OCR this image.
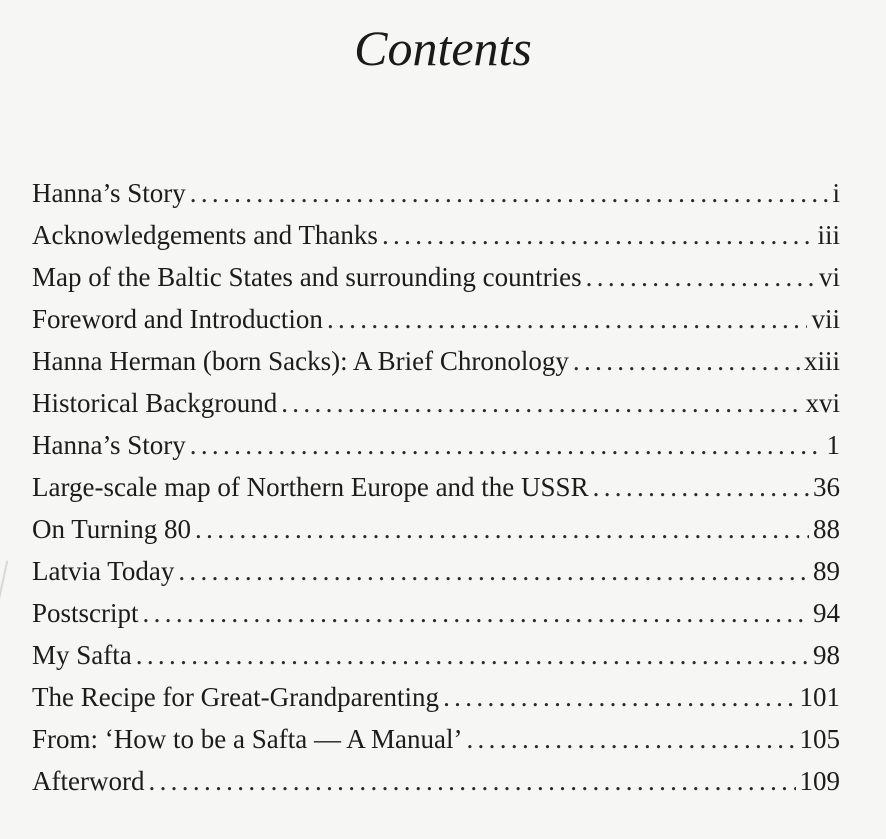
Contents
Hanna’s Story . . .	i
Acknowledgements and Thanks . . .	iii
Map of the Baltic States and surrounding countries . . .	vi
Foreword and Introduction . . .	vii
Hanna Herman (born Sacks): A Brief Chronology . . .	xiii
Historical Background . . .	xvi
Hanna’s Story . . .	1
Large-scale map of Northern Europe and the USSR . . .	36
On Turning 80 . . .	88
Latvia Today . . .	89
Postscript . . .	94
My Safta . . .	98
The Recipe for Great-Grandparenting . . .	101
From: ‘How to be a Safta — A Manual’ . . .	105
Afterword . . .	109
